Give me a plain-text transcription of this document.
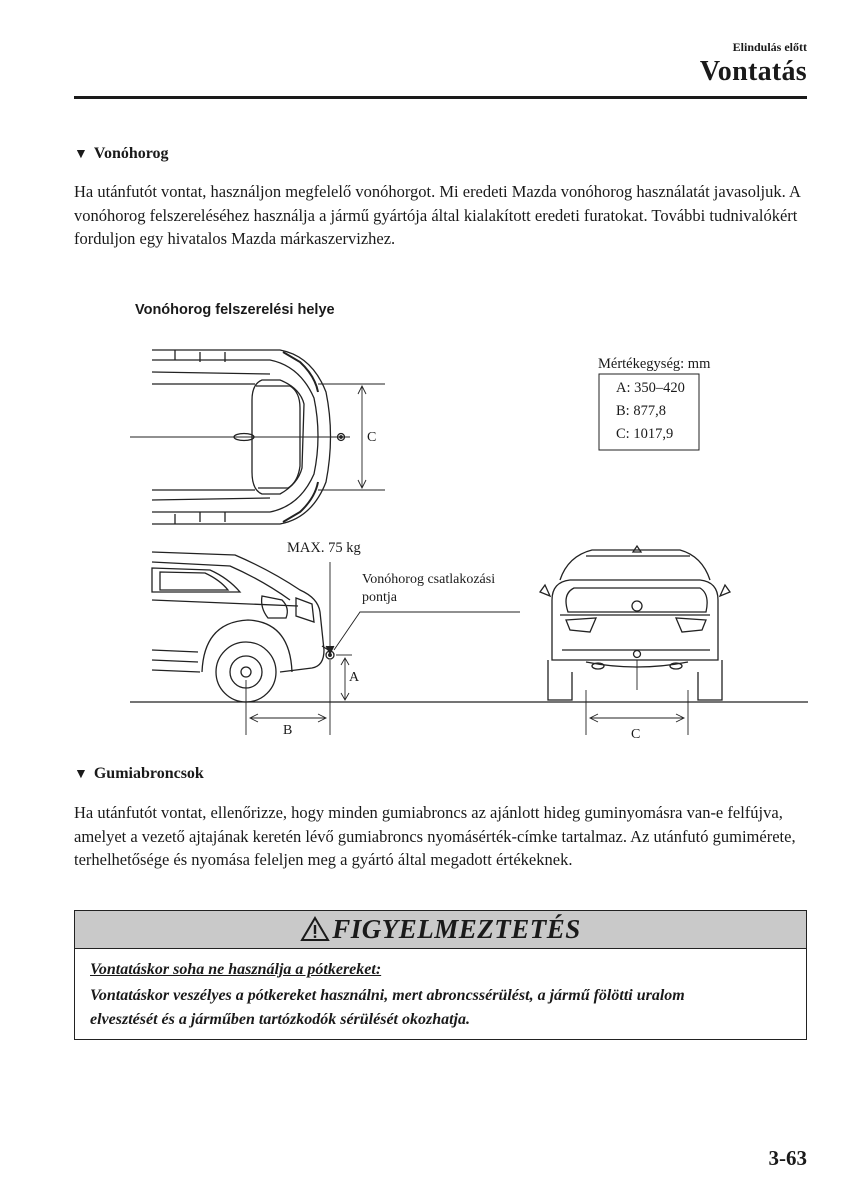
Elindulás előtt
Vontatás
▼ Vonóhorog
Ha utánfutót vontat, használjon megfelelő vonóhorgot. Mi eredeti Mazda vonóhorog használatát javasoljuk. A vonóhorog felszereléséhez használja a jármű gyártója által kialakított eredeti furatokat. További tudnivalókért forduljon egy hivatalos Mazda márkaszervizhez.
Vonóhorog felszerelési helye
Mértékegység: mm
A: 350–420
B: 877,8
C: 1017,9
C
MAX. 75 kg
Vonóhorog csatlakozási
pontja
A
B	C
▼ Gumiabroncsok
Ha utánfutót vontat, ellenőrizze, hogy minden gumiabroncs az ajánlott hideg guminyomásra van-e felfújva, amelyet a vezető ajtajának keretén lévő gumiabroncs nyomásérték-címke tartalmaz. Az utánfutó gumimérete, terhelhetősége és nyomása feleljen meg a gyártó által megadott értékeknek.
FIGYELMEZTETÉS
Vontatáskor soha ne használja a pótkereket:
Vontatáskor veszélyes a pótkereket használni, mert abroncssérülést, a jármű fölötti uralom elvesztését és a járműben tartózkodók sérülését okozhatja.
3-63
